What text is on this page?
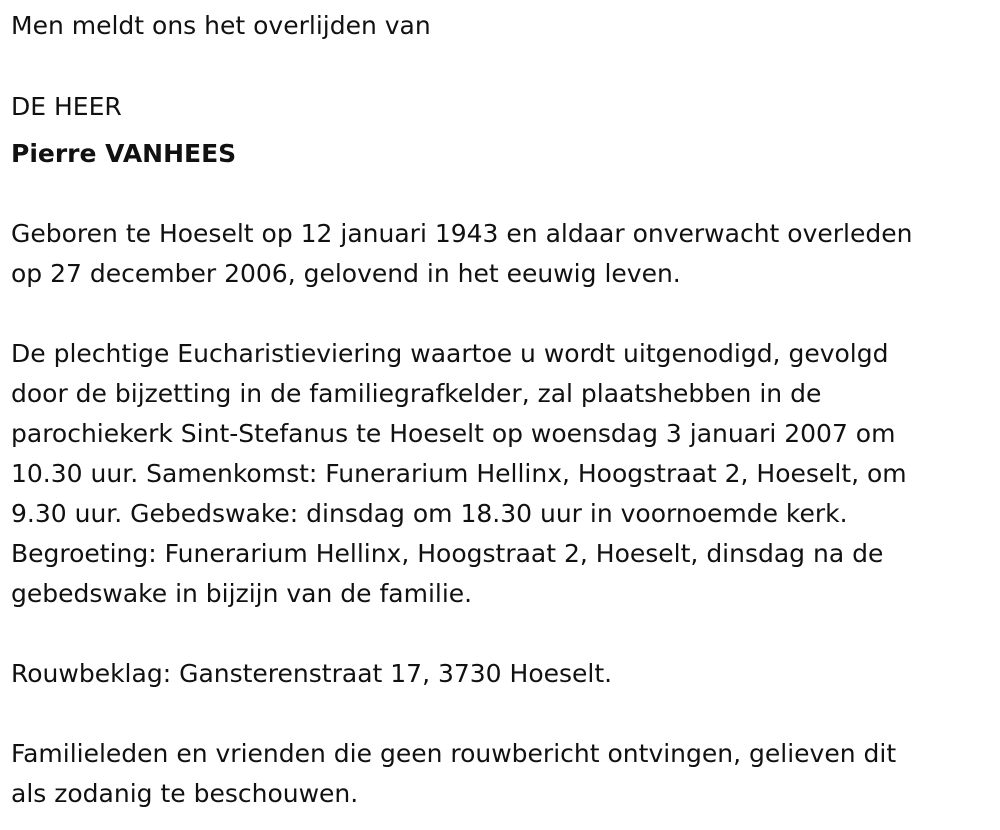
Men meldt ons het overlijden van

DE HEER

Pierre VANHEES

Geboren te Hoeselt op 12 januari 1943 en aldaar onverwacht overleden

op 27 december 2006, gelovend in het eeuwig leven.

De plechtige Eucharistieviering waartoe u wordt uitgenodigd, gevolgd

door de bijzetting in de familiegrafkelder, zal plaatshebben in de

parochiekerk Sint-Stefanus te Hoeselt op woensdag 3 januari 2007 om

10.30 uur. Samenkomst: Funerarium Hellinx, Hoogstraat 2, Hoeselt, om

9.30 uur. Gebedswake: dinsdag om 18.30 uur in voornoemde kerk.

Begroeting: Funerarium Hellinx, Hoogstraat 2, Hoeselt, dinsdag na de

gebedswake in bijzijn van de familie.

Rouwbeklag: Gansterenstraat 17, 3730 Hoeselt.

Familieleden en vrienden die geen rouwbericht ontvingen, gelieven dit

als zodanig te beschouwen.
